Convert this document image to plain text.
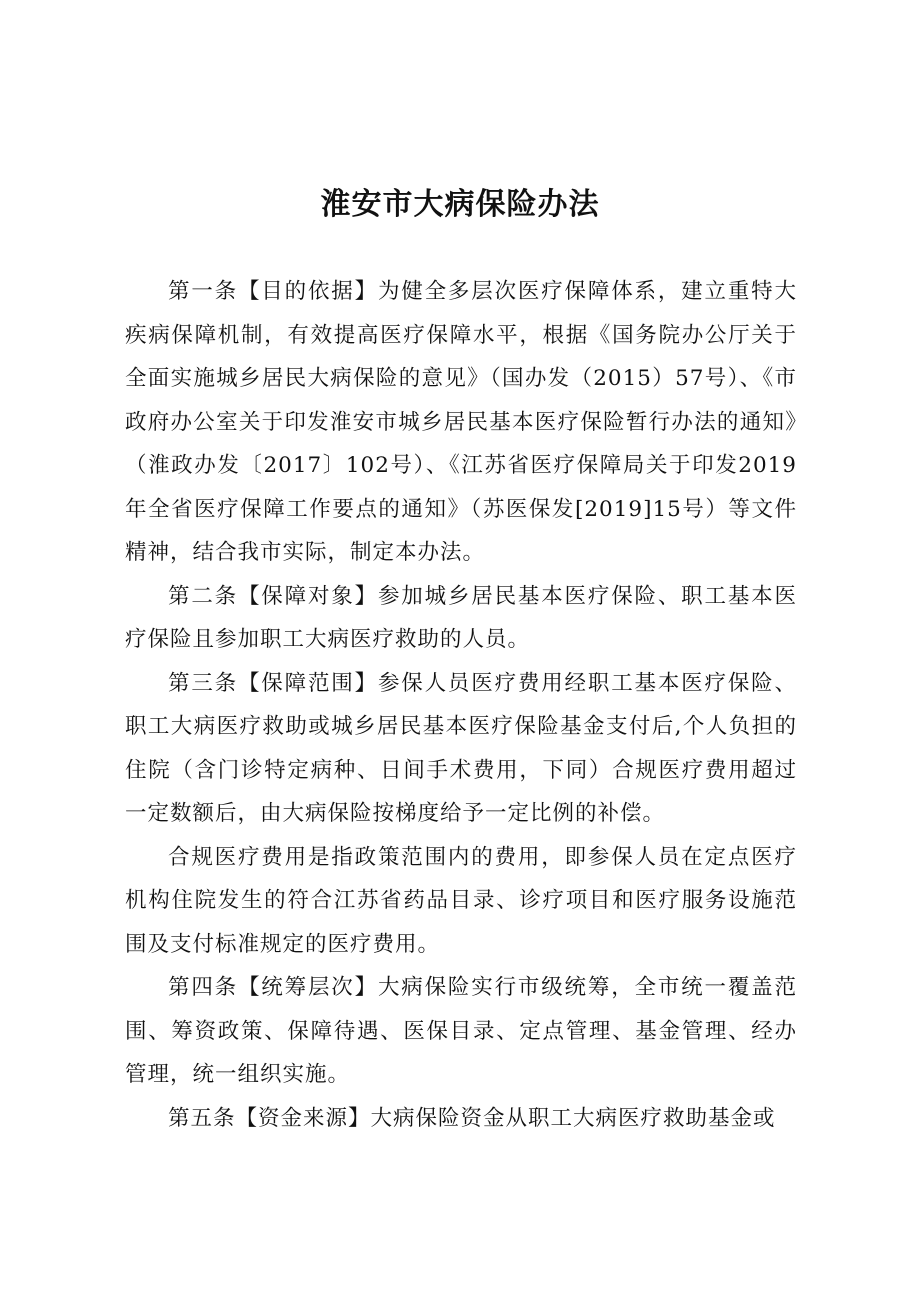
淮安市大病保险办法

第一条【目的依据】为健全多层次医疗保障体系，建立重特大疾病保障机制，有效提高医疗保障水平，根据《国务院办公厅关于全面实施城乡居民大病保险的意见》（国办发（2015）57号）、《市政府办公室关于印发淮安市城乡居民基本医疗保险暂行办法的通知》（淮政办发〔2017〕102号）、《江苏省医疗保障局关于印发2019年全省医疗保障工作要点的通知》（苏医保发[2019]15号）等文件精神，结合我市实际，制定本办法。

第二条【保障对象】参加城乡居民基本医疗保险、职工基本医疗保险且参加职工大病医疗救助的人员。

第三条【保障范围】参保人员医疗费用经职工基本医疗保险、职工大病医疗救助或城乡居民基本医疗保险基金支付后,个人负担的住院（含门诊特定病种、日间手术费用，下同）合规医疗费用超过一定数额后，由大病保险按梯度给予一定比例的补偿。

合规医疗费用是指政策范围内的费用，即参保人员在定点医疗机构住院发生的符合江苏省药品目录、诊疗项目和医疗服务设施范围及支付标准规定的医疗费用。

第四条【统筹层次】大病保险实行市级统筹，全市统一覆盖范围、筹资政策、保障待遇、医保目录、定点管理、基金管理、经办管理，统一组织实施。

第五条【资金来源】大病保险资金从职工大病医疗救助基金或
